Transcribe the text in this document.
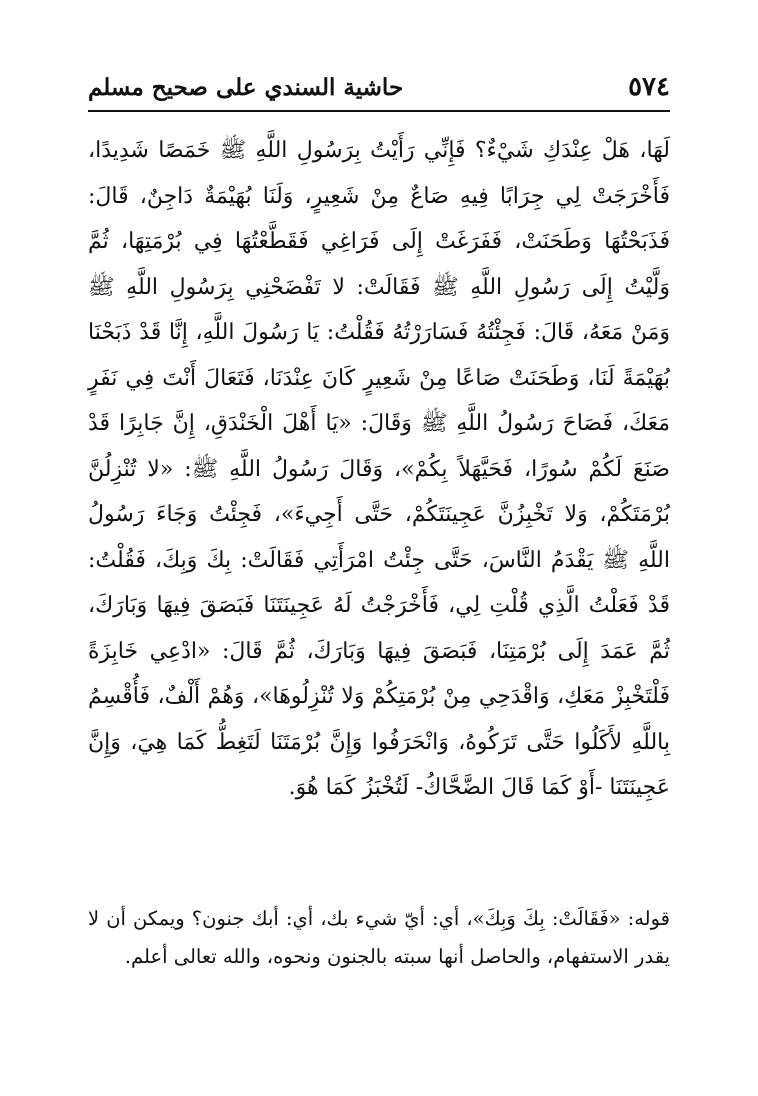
٥٧٤
حاشية السندي على صحيح مسلم

لَهَا، هَلْ عِنْدَكِ شَيْءٌ؟ فَإِنِّي رَأَيْتُ بِرَسُولِ اللَّهِ ﷺ خَمَصًا شَدِيدًا، فَأَخْرَجَتْ لِي جِرَابًا فِيهِ صَاعٌ مِنْ شَعِيرٍ، وَلَنَا بُهَيْمَةٌ دَاجِنٌ، قَالَ: فَذَبَحْتُهَا وَطَحَنَتْ، فَفَرَغَتْ إِلَى فَرَاغِي فَقَطَّعْتُهَا فِي بُرْمَتِهَا، ثُمَّ وَلَّيْتُ إِلَى رَسُولِ اللَّهِ ﷺ فَقَالَتْ: لا تَفْضَحْنِي بِرَسُولِ اللَّهِ ﷺ وَمَنْ مَعَهُ، قَالَ: فَجِئْتُهُ فَسَارَرْتُهُ فَقُلْتُ: يَا رَسُولَ اللَّهِ، إِنَّا قَدْ ذَبَحْنَا بُهَيْمَةً لَنَا، وَطَحَنَتْ صَاعًا مِنْ شَعِيرٍ كَانَ عِنْدَنَا، فَتَعَالَ أَنْتَ فِي نَفَرٍ مَعَكَ، فَصَاحَ رَسُولُ اللَّهِ ﷺ وَقَالَ: «يَا أَهْلَ الْخَنْدَقِ، إِنَّ جَابِرًا قَدْ صَنَعَ لَكُمْ سُورًا، فَحَيَّهَلاً بِكُمْ»، وَقَالَ رَسُولُ اللَّهِ ﷺ: «لا تُنْزِلُنَّ بُرْمَتَكُمْ، وَلا تَخْبِزُنَّ عَجِينَتَكُمْ، حَتَّى أَجِيءَ»، فَجِئْتُ وَجَاءَ رَسُولُ اللَّهِ ﷺ يَقْدَمُ النَّاسَ، حَتَّى جِئْتُ امْرَأَتِي فَقَالَتْ: بِكَ وَبِكَ، فَقُلْتُ: قَدْ فَعَلْتُ الَّذِي قُلْتِ لِي، فَأَخْرَجْتُ لَهُ عَجِينَتَنَا فَبَصَقَ فِيهَا وَبَارَكَ، ثُمَّ عَمَدَ إِلَى بُرْمَتِنَا، فَبَصَقَ فِيهَا وَبَارَكَ، ثُمَّ قَالَ: «ادْعِي خَابِزَةً فَلْتَخْبِزْ مَعَكِ، وَاقْدَحِي مِنْ بُرْمَتِكُمْ وَلا تُنْزِلُوهَا»، وَهُمْ أَلْفٌ، فَأُقْسِمُ بِاللَّهِ لأَكَلُوا حَتَّى تَرَكُوهُ، وَانْحَرَفُوا وَإِنَّ بُرْمَتَنَا لَتَغِطُّ كَمَا هِيَ، وَإِنَّ عَجِينَتَنَا -أَوْ كَمَا قَالَ الضَّحَّاكُ- لَتُخْبَزُ كَمَا هُوَ.

قوله: «فَقَالَتْ: بِكَ وَبِكَ»، أي: أيّ شيء بك، أي: أبك جنون؟ ويمكن أن لا يقدر الاستفهام، والحاصل أنها سبته بالجنون ونحوه، والله تعالى أعلم.
